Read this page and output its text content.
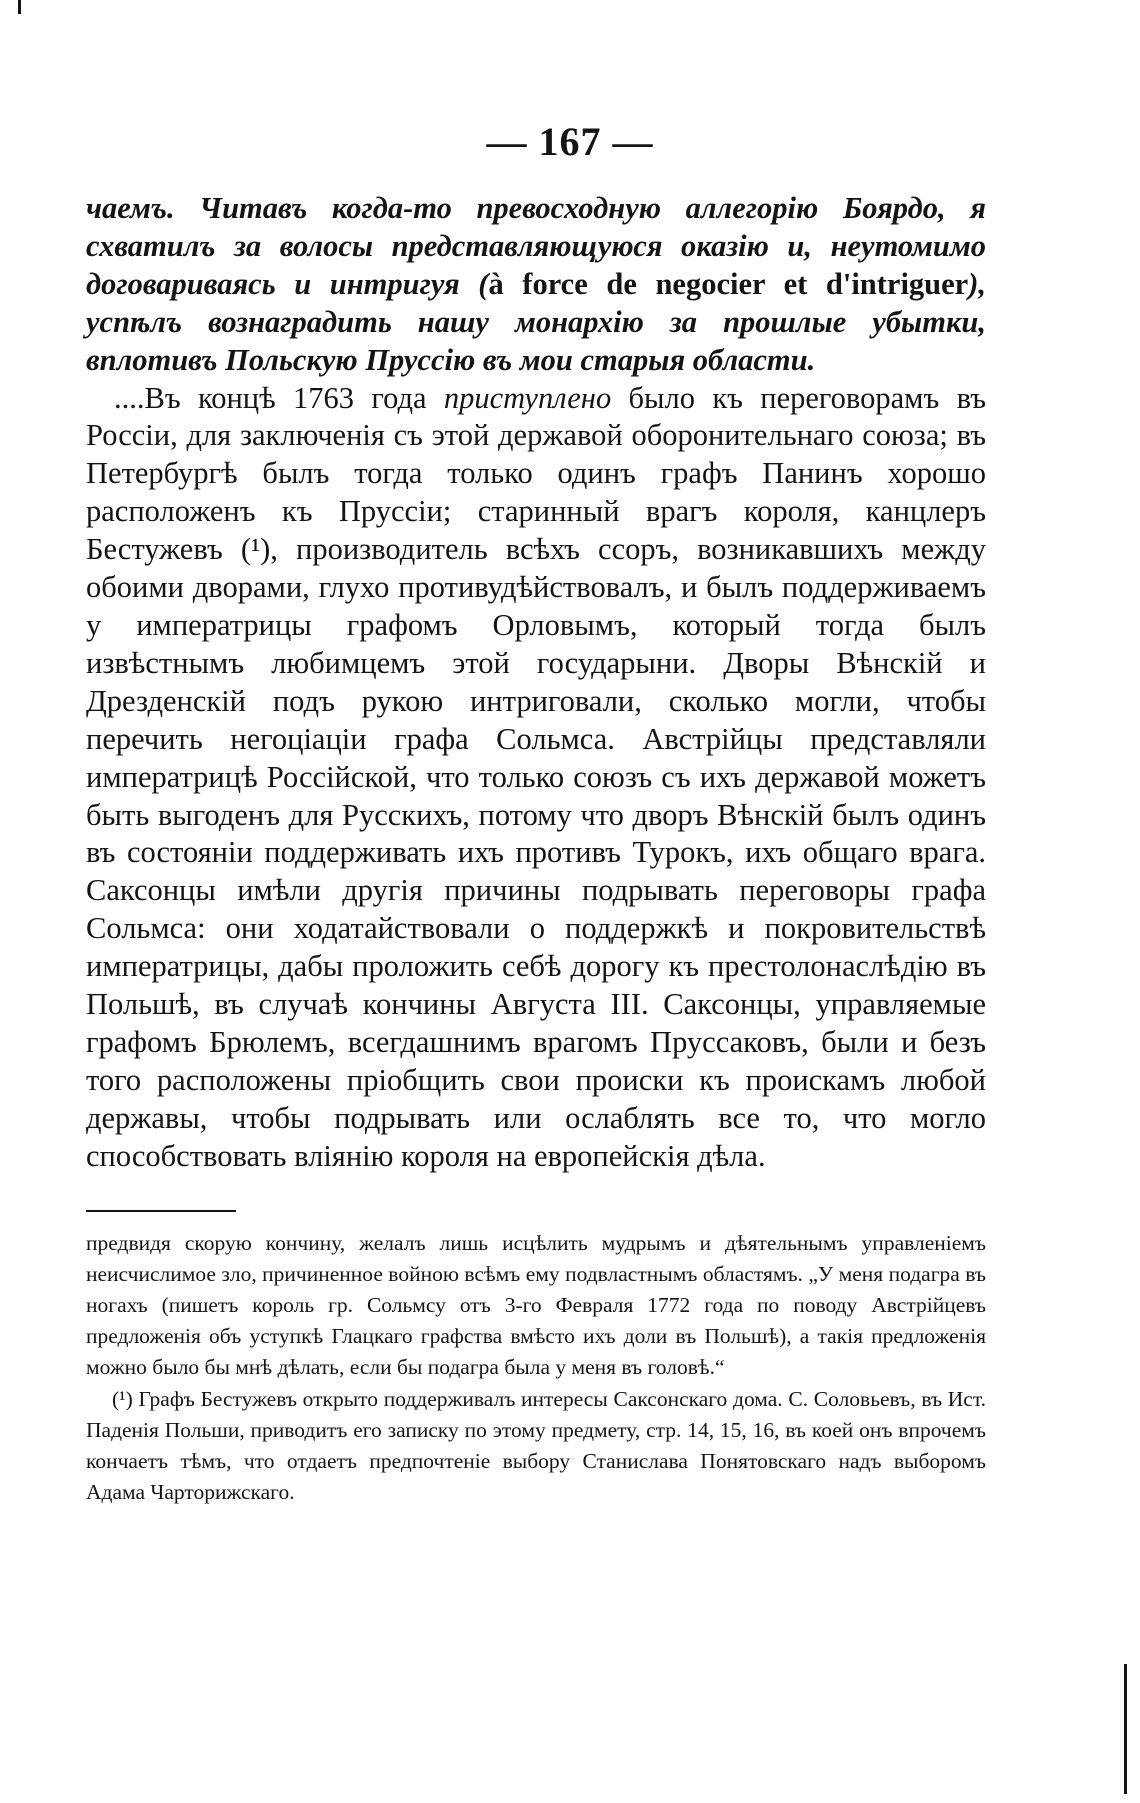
— 167 —

чаемъ. Читавъ когда-то превосходную аллегорію Боярдо, я схватилъ за волосы представляющуюся оказію и, неутомимо договариваясь и интригуя (à force de negocier et d'intriguer), успѣлъ вознаградить нашу монархію за прошлые убытки, вплотивъ Польскую Пруссію въ мои старыя области.

....Въ концѣ 1763 года приступлено было къ переговорамъ въ Россіи, для заключенія съ этой державой оборонительнаго союза; въ Петербургѣ былъ тогда только одинъ графъ Панинъ хорошо расположенъ къ Пруссіи; старинный врагъ короля, канцлеръ Бестужевъ (¹), производитель всѣхъ ссоръ, возникавшихъ между обоими дворами, глухо противудѣйствовалъ, и былъ поддерживаемъ у императрицы графомъ Орловымъ, который тогда былъ извѣстнымъ любимцемъ этой государыни. Дворы Вѣнскій и Дрезденскій подъ рукою интриговали, сколько могли, чтобы перечить негоціаціи графа Сольмса. Австрійцы представляли императрицѣ Россійской, что только союзъ съ ихъ державой можетъ быть выгоденъ для Русскихъ, потому что дворъ Вѣнскій былъ одинъ въ состояніи поддерживать ихъ противъ Турокъ, ихъ общаго врага. Саксонцы имѣли другія причины подрывать переговоры графа Сольмса: они ходатайствовали о поддержкѣ и покровительствѣ императрицы, дабы проложить себѣ дорогу къ престолонаслѣдію въ Польшѣ, въ случаѣ кончины Августа III. Саксонцы, управляемые графомъ Брюлемъ, всегдашнимъ врагомъ Пруссаковъ, были и безъ того расположены пріобщить свои происки къ проискамъ любой державы, чтобы подрывать или ослаблять все то, что могло способствовать вліянію короля на европейскія дѣла.

предвидя скорую кончину, желалъ лишь исцѣлить мудрымъ и дѣятельнымъ управленіемъ неисчислимое зло, причиненное войною всѣмъ ему подвластнымъ областямъ. „У меня подагра въ ногахъ (пишетъ король гр. Сольмсу отъ 3-го Февраля 1772 года по поводу Австрійцевъ предложенія объ уступкѣ Глацкаго графства вмѣсто ихъ доли въ Польшѣ), а такія предложенія можно было бы мнѣ дѣлать, если бы подагра была у меня въ головѣ.“

(¹) Графъ Бестужевъ открыто поддерживалъ интересы Саксонскаго дома. С. Соловьевъ, въ Ист. Паденія Польши, приводитъ его записку по этому предмету, стр. 14, 15, 16, въ коей онъ впрочемъ кончаетъ тѣмъ, что отдаетъ предпочтеніе выбору Станислава Понятовскаго надъ выборомъ Адама Чарторижскаго.
